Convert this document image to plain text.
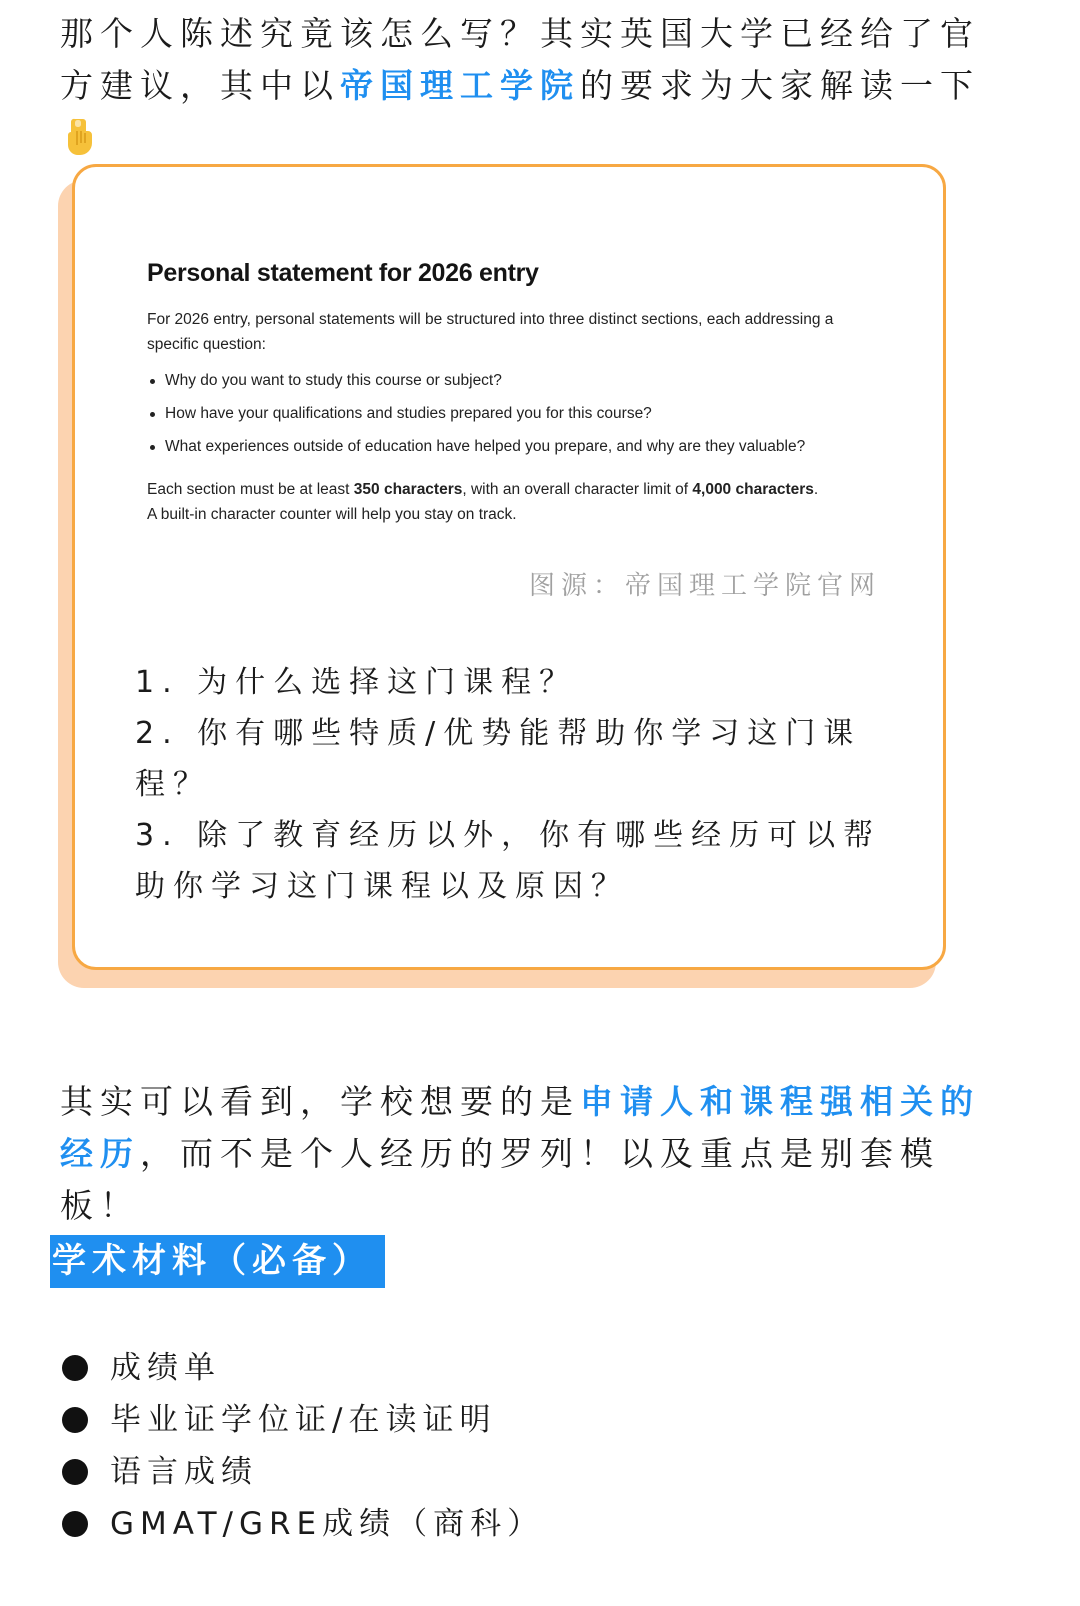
那个人陈述究竟该怎么写？其实英国大学已经给了官方建议，其中以帝国理工学院的要求为大家解读一下

Personal statement for 2026 entry

For 2026 entry, personal statements will be structured into three distinct sections, each addressing a specific question:

Why do you want to study this course or subject?
How have your qualifications and studies prepared you for this course?
What experiences outside of education have helped you prepare, and why are they valuable?

Each section must be at least 350 characters, with an overall character limit of 4,000 characters.
A built-in character counter will help you stay on track.

图源：帝国理工学院官网

1. 为什么选择这门课程？
2. 你有哪些特质/优势能帮助你学习这门课程？
3. 除了教育经历以外，你有哪些经历可以帮助你学习这门课程以及原因？

其实可以看到，学校想要的是申请人和课程强相关的经历，而不是个人经历的罗列！以及重点是别套模板！

学术材料（必备）
成绩单
毕业证学位证/在读证明
语言成绩
GMAT/GRE成绩（商科）
